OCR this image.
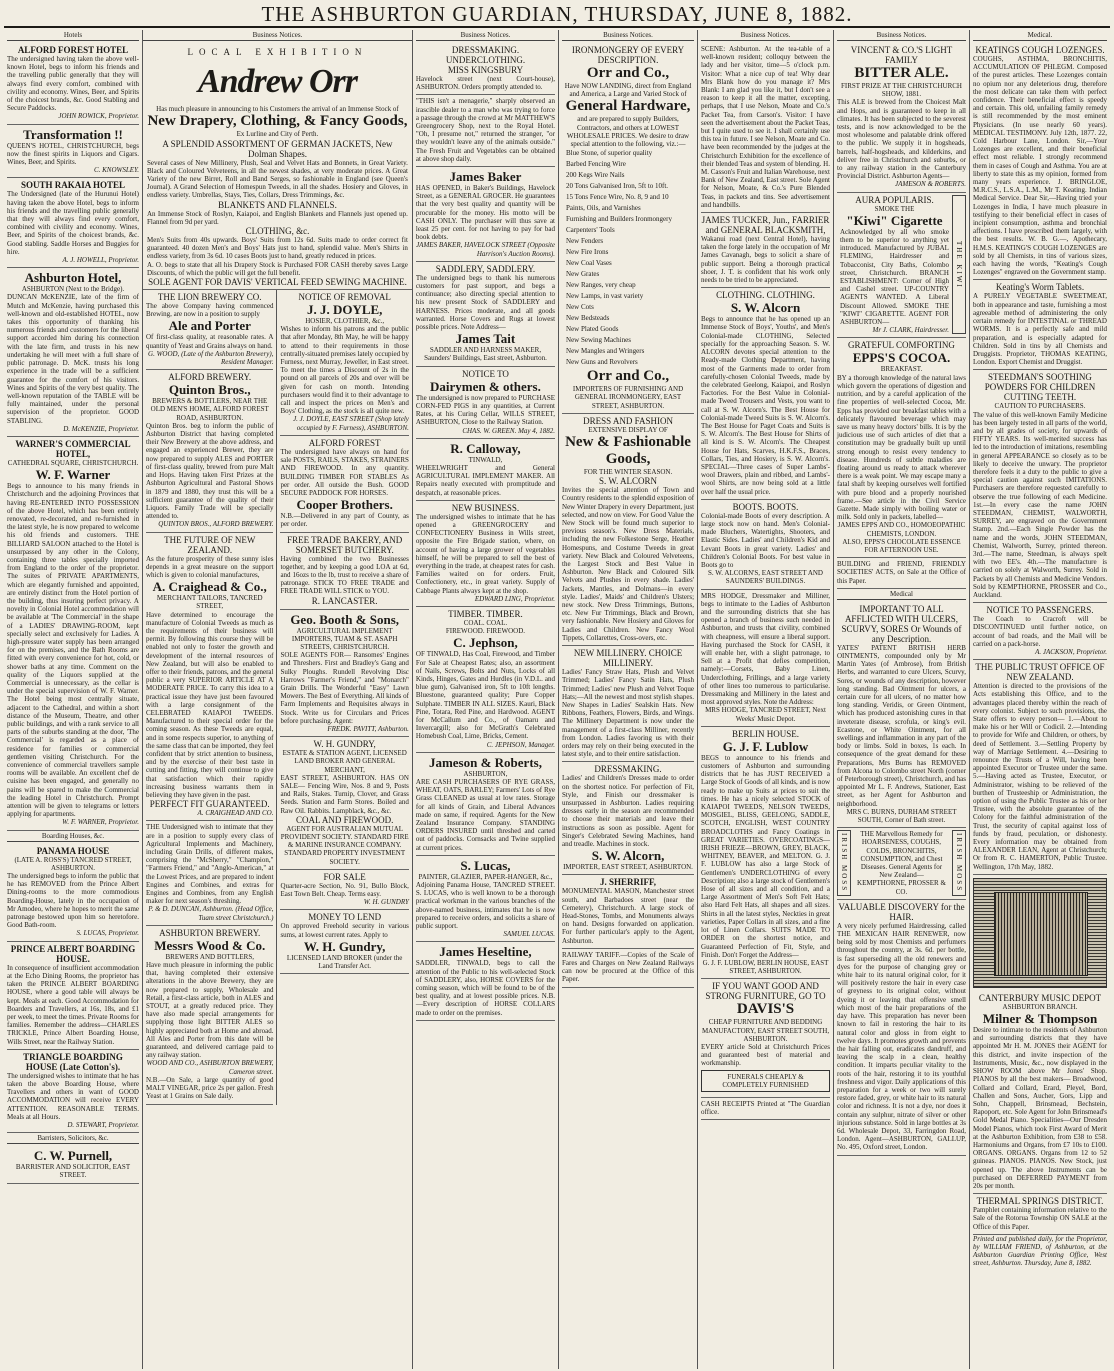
THE ASHBURTON GUARDIAN, THURSDAY, JUNE 8, 1882.
Hotels
ALFORD FOREST HOTEL
The undersigned having taken the above well-known Hotel, begs to inform his friends and the travelling public generally that they will always find every comfort, combined with civility and economy. Wines, Beer, and Spirits of the choicest brands, &c. Good Stabling and Secure Paddocks.
JOHN ROWICK, Proprietor.
Transformation !!
QUEEN'S HOTEL, CHRISTCHURCH, begs now the finest spirits in Liquors and Cigars. Wines, Beer, and Spirits.
C. KNOWSLEY.
SOUTH RAKAIA HOTEL
The Undersigned (late of the Hurunui Hotel) having taken the above Hotel, begs to inform his friends and the travelling public generally that they will always find every comfort, combined with civility and economy. Wines, Beer, and Spirits of the choicest brands, &c. Good stabling. Saddle Horses and Buggies for hire.
A. J. HOWELL, Proprietor.
Ashburton Hotel,
ASHBURTON (Next to the Bridge).
DUNCAN McKENZIE, late of the firm of Mutch and McKenzie, having purchased this well-known and old-established HOTEL, now takes this opportunity of thanking his numerous friends and customers for the liberal support accorded him during his connection with the late firm, and trusts in his new undertaking he will meet with a full share of public patronage. D. McK. trusts his long experience in the trade will be a sufficient guarantee for the comfort of his visitors. Wines and Spirits of the very best quality. The well-known reputation of the TABLE will be fully maintained, under the personal supervision of the proprietor. GOOD STABLING.
D. McKENZIE, Proprietor.
WARNER'S COMMERCIAL HOTEL,
CATHEDRAL SQUARE, CHRISTCHURCH.
W. F. Warner
Begs to announce to his many friends in Christchurch and the adjoining Provinces that having RE-ENTERED INTO POSSESSION of the above Hotel, which has been entirely renovated, re-decorated, and re-furnished in the latest style, he is now prepared to welcome his old friends and customers. THE BILLIARD SALOON attached to the Hotel is unsurpassed by any other in the Colony, containing three tables specially imported from England to the order of the proprietor. The suites of PRIVATE APARTMENTS, which are elegantly furnished and appointed, are entirely distinct from the Hotel portion of the building, thus insuring perfect privacy. A novelty in Colonial Hotel accommodation will be available at 'The Commercial' in the shape of a LADIES' DRAWING-ROOM, kept specially select and exclusively for Ladies. A high-pressure water supply has been arranged for on the premises, and the Bath Rooms are fitted with every convenience for hot, cold, or shower baths at any time. Comment on the quality of the Liquors supplied at the Commercial is unnecessary, as the cellar is under the special supervision of W. F. Warner. The Hotel being most centrally situate, adjacent to the Cathedral, and within a short distance of the Museum, Theatre, and other public buildings, and with a rank service to all parts of the suburbs standing at the door, 'The Commercial' is regarded as a place of residence for families or commercial gentlemen visiting Christchurch. For the convenience of commercial travellers sample rooms will be available. An excellent chef de cuisine has been engaged, and generally no pains will be spared to make the Commercial the leading Hotel in Christchurch. Prompt attention will be given to telegrams or letters applying for apartments.
W. F. WARNER, Proprietor.
Boarding Houses, &c.
PANAMA HOUSE
(LATE A. ROSS'S) TANCRED STREET, ASHBURTON.
The undersigned begs to inform the public that he has REMOVED from the Prince Albert Dining-rooms to the more commodious Boarding-House, lately in the occupation of Mr Amodeo, where he hopes to merit the same patronage bestowed upon him so heretofore. Good Bath-room.
S. LUCAS, Proprietor.
PRINCE ALBERT BOARDING HOUSE.
In consequence of insufficient accommodation at the Echo Dining Rooms, the proprietor has taken the PRINCE ALBERT BOARDING HOUSE, where a good table will always be kept. Meals at each. Good Accommodation for Boarders and Travellers, at 16s, 18s, and £1 per week, to meet the times. Private Rooms for families. Remember the address—CHARLES TRICKLE, Prince Albert Boarding House, Wills Street, near the Railway Station.
TRIANGLE BOARDING HOUSE (Late Cotton's).
The undersigned wishes to intimate that he has taken the above Boarding House, where Travellers and others in want of GOOD ACCOMMODATION will receive EVERY ATTENTION. REASONABLE TERMS. Meals at all Hours.
D. STEWART, Proprietor.
Barristers, Solicitors, &c.
C. W. Purnell,
BARRISTER AND SOLICITOR, EAST STREET.
Business Notices.
LOCAL EXHIBITION
Andrew Orr
Has much pleasure in announcing to his Customers the arrival of an Immense Stock of
New Drapery, Clothing, & Fancy Goods,
Ex Lurline and City of Perth.
A SPLENDID ASSORTMENT OF GERMAN JACKETS, New Dolman Shapes.
Several cases of New Millinery, Plush, Seal and Velvet Hats and Bonnets, in Great Variety. Black and Coloured Velveteens, in all the newest shades, at very moderate prices. A Great Variety of the new Birret, Roll and Band Serges, so fashionable in England (see Queen's Journal). A Grand Selection of Homespun Tweeds, in all the shades. Hosiery and Gloves, in endless variety. Umbrellas, Stays, Ties, Collars, Dress Trimmings, &c.
BLANKETS AND FLANNELS.
An Immense Stock of Roslyn, Kaiapoi, and English Blankets and Flannels just opened up. Flannel from 9d per yard.
CLOTHING, &c.
Men's Suits from 40s upwards. Boys' Suits from 12s 6d. Suits made to order correct fit guaranteed. 40 dozen Men's and Boys' Hats just to hand, splendid value. Men's Shirts in endless variety, from 3s 6d. 10 cases Boots just to hand, greatly reduced in prices.
A. O. begs to state that all his Drapery Stock is Purchased FOR CASH thereby saves Large Discounts, of which the public will get the full benefit.
SOLE AGENT FOR DAVIS' VERTICAL FEED SEWING MACHINE.
THE LION BREWERY CO.
The above Company having commenced Brewing, are now in a position to supply
Ale and Porter
Of first-class quality, at reasonable rates. A quantity of Yeast and Grains always on hand.
G. WOOD, (Late of the Ashburton Brewery), Resident Manager.
ALFORD BREWERY.
Quinton Bros.,
BREWERS & BOTTLERS, NEAR THE OLD MEN'S HOME, ALFORD FOREST ROAD, ASHBURTON.
Quinton Bros. beg to inform the public of Ashburton District that having completed their New Brewery at the above address, and engaged an experienced Brewer, they are now prepared to supply ALES and PORTER of first-class quality, brewed from pure Malt and Hops. Having taken First Prizes at the Ashburton Agricultural and Pastoral Shows in 1879 and 1880, they trust this will be a sufficient guarantee of the quality of their Liquors. Family Trade will be specially attended to.
QUINTON BROS., ALFORD BREWERY.
THE FUTURE OF NEW ZEALAND.
As the future prosperity of these sunny isles depends in a great measure on the support which is given to colonial manufactures,
A. Craighead & Co.,
MERCHANT TAILORS, TANCRED STREET,
Have determined to encourage the manufacture of Colonial Tweeds as much as the requirements of their business will permit. By following this course they will be enabled not only to foster the growth and development of the internal resources of New Zealand, but will also be enabled to offer to their friends, patrons, and the general public a very SUPERIOR ARTICLE AT A MODERATE PRICE. To carry this idea to a practical issue they have just been favoured with a large consignment of the CELEBRATED KAIAPOI TWEEDS. Manufactured to their special order for the coming season. As these Tweeds are equal, and in some respects superior, to anything of the same class that can be imported, they feel confident that by strict attention to business, and by the exercise of their best taste in cutting and fitting, they will continue to give that satisfaction which their rapidly increasing business warrants them in believing they have given in the past.
PERFECT FIT GUARANTEED.
A. CRAIGHEAD AND CO.
THE Undersigned wish to intimate that they are in a position to supply every class of Agricultural Implements and Machinery, including Grain Drills, of different makes, comprising the "McSherry," "Champion," "Farmers Friend," and "Anglo-American," at the Lowest Prices, and are prepared to indent Engines and Combines, and extras for Engines and Combines, from any English maker for next season's threshing.
P. & D. DUNCAN, Ashburton. (Head Office, Tuam street Christchurch.)
ASHBURTON BREWERY.
Messrs Wood & Co.
BREWERS AND BOTTLERS,
Have much pleasure in informing the public that, having completed their extensive alterations in the above Brewery, they are now prepared to supply, Wholesale and Retail, a first-class article, both in ALES and STOUT, at a greatly reduced price. They have also made special arrangements for supplying those light BITTER ALES so highly appreciated both at Home and abroad. All Ales and Porter from this date will be guaranteed, and delivered carriage paid to any railway station.
WOOD AND CO., ASHBURTON BREWERY, Cameron street.
N.B.—On Sale, a large quantity of good MALT VINEGAR, price 2s per gallon. Fresh Yeast at 1 Grains on Sale daily.
NOTICE OF REMOVAL
J. J. DOYLE,
HOSIER, CLOTHIER, &c.,
Wishes to inform his patrons and the public that after Monday, 8th May, he will be happy to attend to their requirements in those centrally-situated premises lately occupied by Furness, next Murray, Jeweller, in East street. To meet the times a Discount of 2s in the pound on all parcels of 20s and over will be given for cash on month. Intending purchasers would find it to their advantage to call and inspect the prices on Men's and Boys' Clothing, as the stock is all quite new.
J. J. DOYLE, EAST STREET (Shop lately occupied by F. Furness), ASHBURTON.
ALFORD FOREST
The undersigned have always on hand for sale POSTS, RAILS, STAKES, STRAINERS AND FIREWOOD. In any quantity. BUILDING TIMBER FOR STABLES As per order. All outside the Bush. GOOD SECURE PADDOCK FOR HORSES.
Cooper Brothers.
N.B.—Delivered in any part of County, as per order.
FREE TRADE BAKERY, AND SOMERSET BUTCHERY.
Having combined the two Businesses together, and by keeping a good LOA at 6d, and 16ozs to the lb, trust to receive a share of patronage. STICK TO FREE TRADE and FREE TRADE WILL STICK to YOU.
R. LANCASTER.
Geo. Booth & Sons,
AGRICULTURAL IMPLEMENT IMPORTERS, TUAM & ST. ASAPH STREETS, CHRISTCHURCH.
SOLE AGENTS FOR— Ransomes' Engines and Threshers. First and Bradley's Gang and Sulky Ploughs. Rundell Revolving Disc Harrows "Farmer's Friend," and "Monarch" Grain Drills. The Wonderful "Easy" Lawn Mowers. The Best of Everything. All kinds of Farm Implements and Requisites always in Stock. Write us for Circulars and Prices before purchasing. Agent:
FREDK. PAVITT, Ashburton.
W. H. GUNDRY,
ESTATE & STATION AGENT, LICENSED LAND BROKER AND GENERAL MERCHANT,
EAST STREET, ASHBURTON. HAS ON SALE— Fencing Wire, Nos. 8 and 9, Posts and Rails, Stakes. Turnip, Clover, and Grass Seeds. Station and Farm Stores. Boiled and Raw Oil. Rabbits. Lampblack, &c., &c.
COAL AND FIREWOOD.
AGENT FOR AUSTRALIAN MUTUAL PROVIDENT SOCIETY. STANDARD FIRE & MARINE INSURANCE COMPANY. STANDARD PROPERTY INVESTMENT SOCIETY.
FOR SALE
Quarter-acre Section, No. 91, Bullo Block, East Town Belt. Cheap. Terms easy.
W. H. GUNDRY
MONEY TO LEND
On approved Freehold security in various sums, at lowest current rates. Apply to
W. H. Gundry,
LICENSED LAND BROKER (under the Land Transfer Act.
Business Notices.
DRESSMAKING. UNDERCLOTHING.
MISS KINGSBURY
Havelock street (next Court-house), ASHBURTON. Orders promptly attended to.
"THIS isn't a menagerie," sharply observed an irascible dealer to a man who was trying to force a passage through the crowd at Mr MATTHEW'S Greengrocery Shop, next to the Royal Hotel. "Oh, I presume not," returned the stranger, "or they wouldn't leave any of the animals outside." The Fresh Fruit and Vegetables can be obtained at above shop daily.
James Baker
HAS OPENED, in Baker's Buildings, Havelock Street, as a GENERAL GROCER. He guarantees that the very best quality and quantity will be procurable for the money. His motto will be CASH ONLY. The purchaser will thus save at least 25 per cent. for not having to pay for bad book debts.
JAMES BAKER, HAVELOCK STREET (Opposite Harrison's Auction Rooms).
SADDLERY, SADDLERY.
The undersigned begs to thank his numerous customers for past support, and begs a continuance; also directing special attention to his new present Stock of SADDLERY and HARNESS. Prices moderate, and all goods warranted. Horse Covers and Rugs at lowest possible prices. Note Address—
James Tait
SADDLER AND HARNESS MAKER, Saunders' Buildings, East street, Ashburton.
NOTICE TO
Dairymen & others.
The undersigned is now prepared to PURCHASE CORN-FED PIGS in any quantities, at Current Rates, at his Curing Cellar, WILLS STREET, ASHBURTON, Close to the Railway Station.
CHAS. W. GREEN. May 4, 1882.
R. Calloway,
TINWALD,
WHEELWRIGHT and General AGRICULTURAL IMPLEMENT MAKER. All Repairs neatly executed with promptitude and despatch, at reasonable prices.
NEW BUSINESS.
The undersigned wishes to intimate that he has opened a GREENGROCERY and CONFECTIONERY Business in Wills street, opposite the Fire Brigade station, where, on account of having a large grower of vegetables himself, he will be prepared to sell the best of everything in the trade, at cheapest rates for cash. Families waited on for orders. Fruit, Confectionery, etc., in great variety. Supply of Cabbage Plants always kept at the shop.
EDWARD LING, Proprietor.
TIMBER. TIMBER.
COAL. COAL.
FIREWOOD. FIREWOOD.
C. Jephson,
OF TINWALD, Has Coal, Firewood, and Timber For Sale at Cheapest Rates; also, an assortment of Nails, Screws, Bolts and Nuts, Locks of all Kinds, Hinges, Gates and Hurdles (in V.D.L. and blue gum), Galvanised iron, 5ft to 10ft lengths. Bluestone, guaranteed quality; Pure Copper Sulphate. TIMBER IN ALL SIZES. Kauri, Black Pine, Totara, Red Pine, and Hardwood. AGENT for McCallum and Co., of Oamaru and Invercargill; also for McGrath's Celebrated Homebush Coal, Lime, Bricks, Cement.
C. JEPHSON, Manager.
Jameson & Roberts,
ASHBURTON,
ARE CASH PURCHASERS OF RYE GRASS, WHEAT, OATS, BARLEY; Farmers' Lots of Rye Grass CLEANED as usual at low rates. Storage for all kinds of Grain, and Liberal Advances made on same, if required. Agents for the New Zealand Insurance Company. STANDING ORDERS INSURED until threshed and carted out of paddocks. Cornsacks and Twine supplied at current prices.
S. Lucas,
PAINTER, GLAZIER, PAPER-HANGER, &c.,
Adjoining Panama House, TANCRED STREET. S. LUCAS, who is well known to be a thorough practical workman in the various branches of the above-named business, intimates that he is now prepared to receive orders, and solicits a share of public support.
SAMUEL LUCAS.
James Heseltine,
SADDLER, TINWALD, begs to call the attention of the Public to his well-selected Stock of SADDLERY, also, HORSE COVERS for the coming season, which will be found to be of the best quality, and at lowest possible prices. N.B.—Every description of HORSE COLLARS made to order on the premises.
Business Notices.
IRONMONGERY OF EVERY DESCRIPTION.
Orr and Co.,
Have NOW LANDING, direct from England and America, a Large and Varied Stock of
General Hardware,
and are prepared to supply Builders, Contractors, and others at LOWEST WHOLESALE PRICES. We desire to draw special attention to the following, viz.:—
Blue Stone, of superior quality
Barbed Fencing Wire
200 Kegs Wire Nails
20 Tons Galvanised Iron, 5ft to 10ft.
15 Tons Fence Wire, No. 8, 9 and 10
Paints, Oils, and Varnishes
Furnishing and Builders Ironmongery
Carpenters' Tools
New Fenders
New Fire Irons
New Coal Vases
New Grates
New Ranges, very cheap
New Lamps, in vast variety
New Cots
New Bedsteads
New Plated Goods
New Sewing Machines
New Mangles and Wringers
New Guns and Revolvers
Orr and Co.,
IMPORTERS OF FURNISHING AND GENERAL IRONMONGERY, EAST STREET, ASHBURTON.
DRESS AND FASHION
EXTENSIVE DISPLAY OF
New & Fashionable Goods,
FOR THE WINTER SEASON.
S. W. ALCORN
Invites the special attention of Town and Country residents to the splendid exposition of New Winter Drapery in every Department, just selected, and now on view. For Good Value the New Stock will be found much superior to previous season's. New Dress Materials, including the new Folkestone Serge, Heather Homespuns, and Costume Tweeds in great variety. New Black and Coloured Velveteens, the Largest Stock and Best Value in Ashburton. New Black and Coloured Silk Velvets and Plushes in every shade. Ladies' Jackets, Mantles, and Dolmans—in every style. Ladies', Maids' and Children's Ulsters; new stock. New Dress Trimmings, Buttons, etc. New Fur Trimmings, Black and Brown, very fashionable. New Hosiery and Gloves for Ladies and Children. New Fancy Wool Tippets, Collarettes, Cross-overs, etc.
NEW MILLINERY. CHOICE MILLINERY.
Ladies' Fancy Straw Hats, Plush and Velvet Trimmed; Ladies' Fancy Satin Hats, Plush Trimmed; Ladies' new Plush and Velvet Toque Hats;—All the newest and most stylish shapes. New Shapes in Ladies' Sealskin Hats. New Ribbons, Feathers, Flowers, Birds, and Wings. The Millinery Department is now under the management of a first-class Milliner, recently from London. Ladies favoring us with their orders may rely on their being executed in the latest style, and to their entire satisfaction.
DRESSMAKING.
Ladies' and Children's Dresses made to order on the shortest notice. For perfection of Fit, Style, and Finish our dressmaker is unsurpassed in Ashburton. Ladies requiring dresses early in the season are recommended to choose their materials and leave their instructions as soon as possible. Agent for Singer's Celebrated Sewing Machines, hand and treadle. Machines in stock.
S. W. Alcorn,
IMPORTER, EAST STREET, ASHBURTON.
J. SHERRIFF,
MONUMENTAL MASON, Manchester street south, and Barbadoes street (near the Cemetery), Christchurch. A large stock of Head-Stones, Tombs, and Monuments always on hand. Designs forwarded on application. For further particular's apply to the Agent, Ashburton.
RAILWAY TARIFF.—Copies of the Scale of Fares and Charges on New Zealand Railways can now be procured at the Office of this Paper.
Business Notices.
SCENE: Ashburton. At the tea-table of a well-known resident; colloquy between the lady and her visitor, time—5 o'clock p.m. Visitor: What a nice cup of tea! Why dear Mrs Blank how do you manage it? Mrs Blank: I am glad you like it, but I don't see a reason to keep it all the matter, excepting, perhaps, that I use Nelson, Moate and Co.'s Packet Tea, from Carson's. Visitor: I have seen the advertisement about the Packet Teas, but I quite used to see it. I shall certainly use this tea in future. I see Nelson, Moate and Co. have been recommended by the judges at the Christchurch Exhibition for the excellence of their blended Teas and system of blending. H. M. Casson's Fruit and Italian Warehouse, next Bank of New Zealand, East street. Sole Agent for Nelson, Moate, & Co.'s Pure Blended Teas, in packets and tins. See advertisement and handbills.
JAMES TUCKER, Jun., FARRIER and GENERAL BLACKSMITH,
Wakanui road (next Central Hotel), having taken the forge lately in the occupation of Mr James Cavanagh, begs to solicit a share of public support. Being a thorough practical shoer, J. T. is confident that his work only needs to be tried to be appreciated.
CLOTHING. CLOTHING.
S. W. Alcorn
Begs to announce that he has opened up an Immense Stock of Boys', Youths', and Men's Colonial-made CLOTHING, Selected specially for the approaching Season. S. W. ALCORN devotes special attention to the Ready-made Clothing Department, having most of the Garments made to order from carefully-chosen Colonial Tweeds, made by the celebrated Geelong, Kaiapoi, and Roslyn Factories. For the Best Value in Colonial-made Tweed Trousers and Vests, you want to call at S. W. Alcorn's. The Best House for Colonial-made Tweed Suits is S. W. Alcorn's. The Best House for Paget Coats and Suits is S. W. Alcorn's. The Best House for Shirts of all kind is S. W. Alcorn's. The Cheapest House for Hats, Scarves, H.K.F.S., Braces, Collars, Ties, and Hosiery, is S. W. Alcorn's. SPECIAL—Three cases of Super Lambs'-wool Drawers, plain and ribbed, and Lambs'-wool Shirts, are now being sold at a little over half the usual price.
BOOTS. BOOTS.
Colonial-made Boots of every description. A large stock now on hand. Men's Colonial-made Bluchers, Watertights, Shooters, and Elastic Sides. Ladies' and Children's Kid and Levant Boots in great variety. Ladies' and Children's Colonial Boots. For best value in Boots go to
S. W. ALCORN'S, EAST STREET AND SAUNDERS' BUILDINGS.
MRS HODGE, Dressmaker and Milliner, begs to intimate to the Ladies of Ashburton and the surrounding districts that she has opened a branch of business such needed in Ashburton, and trusts that civility, combined with cheapness, will ensure a liberal support. Having purchased the Stock for CASH, it will enable her, with a slight patronage, to Sell at a Profit that defies competition, namely:—Corsets, Baby Linen, Underclothing, Frillings, and a large variety of other lines too numerous to particularise. Dressmaking and Millinery in the latest and most approved styles. Note the Address:
MRS HODGE, TANCRED STREET, Next Weeks' Music Depot.
BERLIN HOUSE.
G. J. F. Lublow
BEGS to announce to his friends and customers of Ashburton and surrounding districts that he has JUST RECEIVED a Large Stock of Goods of all kinds, and is now ready to make up Suits at prices to suit the times. He has a nicely selected STOCK of KAIAPOI TWEEDS, NELSON TWEEDS, MOSGIEL, BLISS, GEELONG, SADDLE, SCOTCH, ENGLISH, WEST COUNTRY BROADCLOTHS and Fancy Coatings in GREAT VARIETIES. OVERCOATINGS— IRISH FRIEZE—BROWN, GREY, BLACK, WHITNEY, BEAVER, and MELTON. G. J. F. LUBLOW has also a large Stock of Gentlemen's UNDERCLOTHING of every Description; also a large stock of Gentlemen's Hose of all sizes and all condition, and a Large Assortment of Men's Soft Felt Hats; also Hard Felt Hats, all shapes and all sizes. Shirts in all the latest styles, Neckties in great varieties, Paper Collars in all sizes, and a fine lot of Linen Collars. SUITS MADE TO ORDER on the shortest notice, and Guaranteed Perfection of Fit, Style, and Finish. Don't Forget the Address—
G. J. F. LUBLOW, BERLIN HOUSE, EAST STREET, ASHBURTON.
IF YOU WANT GOOD AND STRONG FURNITURE, GO TO
DAVIS'S
CHEAP FURNITURE AND BEDDING MANUFACTORY, EAST STREET SOUTH, ASHBURTON.
EVERY article Sold at Christchurch Prices and guaranteed best of material and workmanship.
FUNERALS CHEAPLY & COMPLETELY FURNISHED
CASH RECEIPTS Printed at "The Guardian office.
Business Notices.
VINCENT & CO.'S LIGHT FAMILY
BITTER ALE.
FIRST PRIZE AT THE CHRISTCHURCH SHOW, 1881.
This ALE is brewed from the Choicest Malt and Hops, and is guaranteed to keep in all climates. It has been subjected to the severest tests, and is now acknowledged to be the most wholesome and palatable drink offered to the public. We supply it in hogsheads, barrels, half-hogsheads, and kilderkins, and deliver free in Christchurch and suburbs, or to any railway station in the Canterbury Provincial District. Ashburton Agents—
JAMESON & ROBERTS.
AURA POPULARIS.
SMOKE THE
"Kiwi" Cigarette
Acknowledged by all who smoke them to be superior to anything yet introduced. Manufactured by JUBAL FLEMING, Hairdresser and Tobacconist, City Baths, Colombo street, Christchurch. BRANCH ESTABLISHMENT: Corner of High and Cashel street. UP-COUNTRY AGENTS WANTED. A Liberal Discount Allowed. SMOKE THE "KIWI" CIGARETTE. AGENT FOR ASHBURTON—
Mr J. CLARK, Hairdresser.
THE KIWI
GRATEFUL COMFORTING
EPPS'S COCOA.
BREAKFAST.
BY a thorough knowledge of the natural laws which govern the operations of digestion and nutrition, and by a careful application of the fine properties of well-selected Cocoa, Mr. Epps has provided our breakfast tables with a delicately flavoured beverage which may save us many heavy doctors' bills. It is by the judicious use of such articles of diet that a constitution may be gradually built up until strong enough to resist every tendency to disease. Hundreds of subtle maladies are floating around us ready to attack wherever there is a weak point. We may escape many a fatal shaft by keeping ourselves well fortified with pure blood and a properly nourished frame.—See article in the Civil Service Gazette. Made simply with boiling water or milk. Sold only in packets, labelled—
JAMES EPPS AND CO., HOMOEOPATHIC CHEMISTS, LONDON.
ALSO, EPPS'S CHOCOLATE ESSENCE FOR AFTERNOON USE.
BUILDING and FRIEND, FRIENDLY SOCIETIES' ACTS, on Sale at the Office of this Paper.
Medical
IMPORTANT TO ALL AFFLICTED WITH ULCERS, SCURVY, SORES Or Wounds of any Description.
YATES' PATENT BRITISH HERB OINTMENTS, compounded only by Mr Martin Yates (of Ambrose), from British Herbs, and warranted to cure Ulcers, Scurvy, Sores, or wounds of any description, however long standing. Bad Ointment for ulcers, a certain cure for all ulcers, of no matter how long standing. Veridis, or Green Ointment, which has produced astonishing cures in that inveterate disease, scrofula, or king's evil. Ecastone, or White Ointment, for all swellings and inflammation in any part of the body or limbs. Sold in boxes, 1s each. In consequence of the great demand for these Preparations, Mrs Burns has REMOVED from Alcona to Colombo street North (corner of Peterborough street), Christchurch, and has appointed Mr L. F. Andrews, Stationer, East street, as her Agent for Ashburton and neighborhood.
MRS C. BURNS, DURHAM STREET SOUTH, Corner of Bath street.
IRISH MOSS	THE Marvellous Remedy for HOARSENESS, COUGHS, COLDS, BRONCHITIS, CONSUMPTION, and Chest Diseases. General Agents for New Zealand— KEMPTHORNE, PROSSER & CO.	IRISH MOSS
VALUABLE DISCOVERY for the HAIR.
A very nicely perfumed Hairdressing, called THE MEXICAN HAIR RENEWER, now being sold by most Chemists and perfumers throughout the country, at 3s. 6d. per bottle, is fast superseding all the old renewers and dyes for the purpose of changing grey or white hair to its natural original color, for it will positively restore the hair in every case of greyness to its original color, without dyeing it or leaving that offensive smell which most of the hair preparations of the day have. This preparation has never been known to fail in restoring the hair to its natural color and gloss in from eight to twelve days. It promotes growth and prevents the hair falling out, eradicates dandruff, and leaving the scalp in a clean, healthy condition. It imparts peculiar vitality to the roots of the hair, restoring it to its youthful freshness and vigor. Daily applications of this preparation for a week or two will surely restore faded, grey, or white hair to its natural color and richness. It is not a dye, nor does it contain any sulphur, nitrate of silver or other injurious substance. Sold in large bottles at 3s 6d. Wholesale Depot, 33, Farringdon Road, London. Agent—ASHBURTON, GALLUP, No. 495, Oxford street, London.
Medical.
KEATINGS COUGH LOZENGES.
COUGHS, ASTHMA, BRONCHITIS, ACCUMULATION OF PHLEGM. Composed of the purest articles. These Lozenges contain no opium nor any deleterious drug, therefore the most delicate can take them with perfect confidence. Their beneficial effect is speedy and certain. This old, unfailing family remedy is still recommended by the most eminent Physicians. (In use nearly 60 years). MEDICAL TESTIMONY. July 12th, 1877. 22, Cold Harbour Lane, London. Sir,—Your Lozenges are excellent, and their beneficial effect most reliable. I strongly recommend them in cases of Cough and Asthma. You are at liberty to state this as my opinion, formed from many years experience. J. BRINGLOE, M.R.C.S., L.S.A., L.M., Mr T. Keating. Indian Medical Service. Dear Sir,—Having tried your Lozenges in India, I have much pleasure in testifying to their beneficial effect in cases of incipient consumption, asthma and bronchial affections. I have prescribed them largely, with the best results. W. B. G.—, Apothecary, H.M.S. KEATING'S COUGH LOZENGES are sold by all Chemists, in tins of various sizes, each having the words, "Keating's Cough Lozenges" engraved on the Government stamp.
Keating's Worm Tablets.
A PURELY VEGETABLE SWEETMEAT, both in appearance and taste, furnishing a most agreeable method of administering the only certain remedy for INTESTINAL or THREAD WORMS. It is a perfectly safe and mild preparation, and is especially adapted for Children. Sold in tins by all Chemists and Druggists. Proprietor, THOMAS KEATING, London. Export Chemist and Druggist.
STEEDMAN'S SOOTHING POWDERS FOR CHILDREN CUTTING TEETH.
CAUTION TO PURCHASERS.
The value of this well-known Family Medicine has been largely tested in all parts of the world, and by all grades of society, for upwards of FIFTY YEARS. Its well-merited success has led to the introduction of imitations, resembling in general APPEARANCE so closely as to be likely to deceive the unwary. The proprietor therefore feels it a duty to the public to give a special caution against such IMITATIONS. Purchasers are therefore requested carefully to observe the true following of each Medicine. 1st.—In every case the name JOHN STEEDMAN, CHEMIST, WALWORTH, SURREY, are engraved on the Government Stamp. 2nd.—Each Single Powder has the name and the words, JOHN STEEDMAN, Chemist, Walworth, Surrey, printed thereon. 3rd.—The name, Steedman, is always spelt with two EE's. 4th.—The manufacture is carried on solely at Walworth, Surrey. Sold in Packets by all Chemists and Medicine Vendors. Sold by KEMPTHORNE, PROSSER and Co., Auckland.
NOTICE TO PASSENGERS.
The Coach to Cracroft will be DISCONTINUED until further notice, on account of bad roads, and the Mail will be carried on a pack-horse.
A. JACKSON, Proprietor.
THE PUBLIC TRUST OFFICE OF NEW ZEALAND.
Attention is directed to the provisions of the Acts establishing this Office, and to the advantages placed thereby within the reach of every colonist. Subject to such provisions, the State offers to every person— 1.—About to make his or her Will or Codicil. 2.—Intending to provide for Wife and Children, or others, by deed of Settlement. 3.—Settling Property by way of Marriage Settlement. 4.—Desiring to renounce the Trusts of a Will, having been appointed Executor or Trustee under the same. 5.—Having acted as Trustee, Executor, or Administrator, wishing to be relieved of the burthen of Trusteeship or Administration, the option of using the Public Trustee as his or her Trustee, with the absolute guarantee of the Colony for the faithful administration of the Trust, the security of capital against loss of funds by fraud, peculation, or dishonesty. Every information may be obtained from ALEXANDER LEAN, Agent at Christchurch; Or from R. C. HAMERTON, Public Trustee. Wellington, 17th May, 1882.
CANTERBURY MUSIC DEPOT
ASHBURTON BRANCH.
Milner & Thompson
Desire to intimate to the residents of Ashburton and surrounding districts that they have appointed Mr H. M. JONES their AGENT for this district, and invite inspection of the Instruments, Music, &c., now displayed in the SHOW ROOM above Mr Jones' Shop. PIANOS by all the best makers— Broadwood, Collard and Collard, Erard, Pleyel, Bord, Challen and Sons, Aucher, Gors, Lipp and Sohn, Chappell, Brinsmead, Bechstein, Rapoport, etc. Sole Agent for John Brinsmead's Gold Medal Piano. Specialities—Our Dresden Model Pianos, which took First Award of Merit at the Ashburton Exhibition, from £38 to £58. Harmoniums and Organs, from £7 10s to £100. ORGANS. ORGANS. Organs from 12 to 52 guineas. PIANOS. PIANOS. New Stock, just opened up. The above Instruments can be purchased on DEFERRED PAYMENT from 20s per month.
THERMAL SPRINGS DISTRICT.
Pamphlet containing information relative to the Sale of the Rotorua Township ON SALE at the Office of this Paper.
Printed and published daily, for the Proprietor, by WILLIAM FRIEND, of Ashburton, at the Ashburton Guardian Printing Office, West street, Ashburton. Thursday, June 8, 1882.
